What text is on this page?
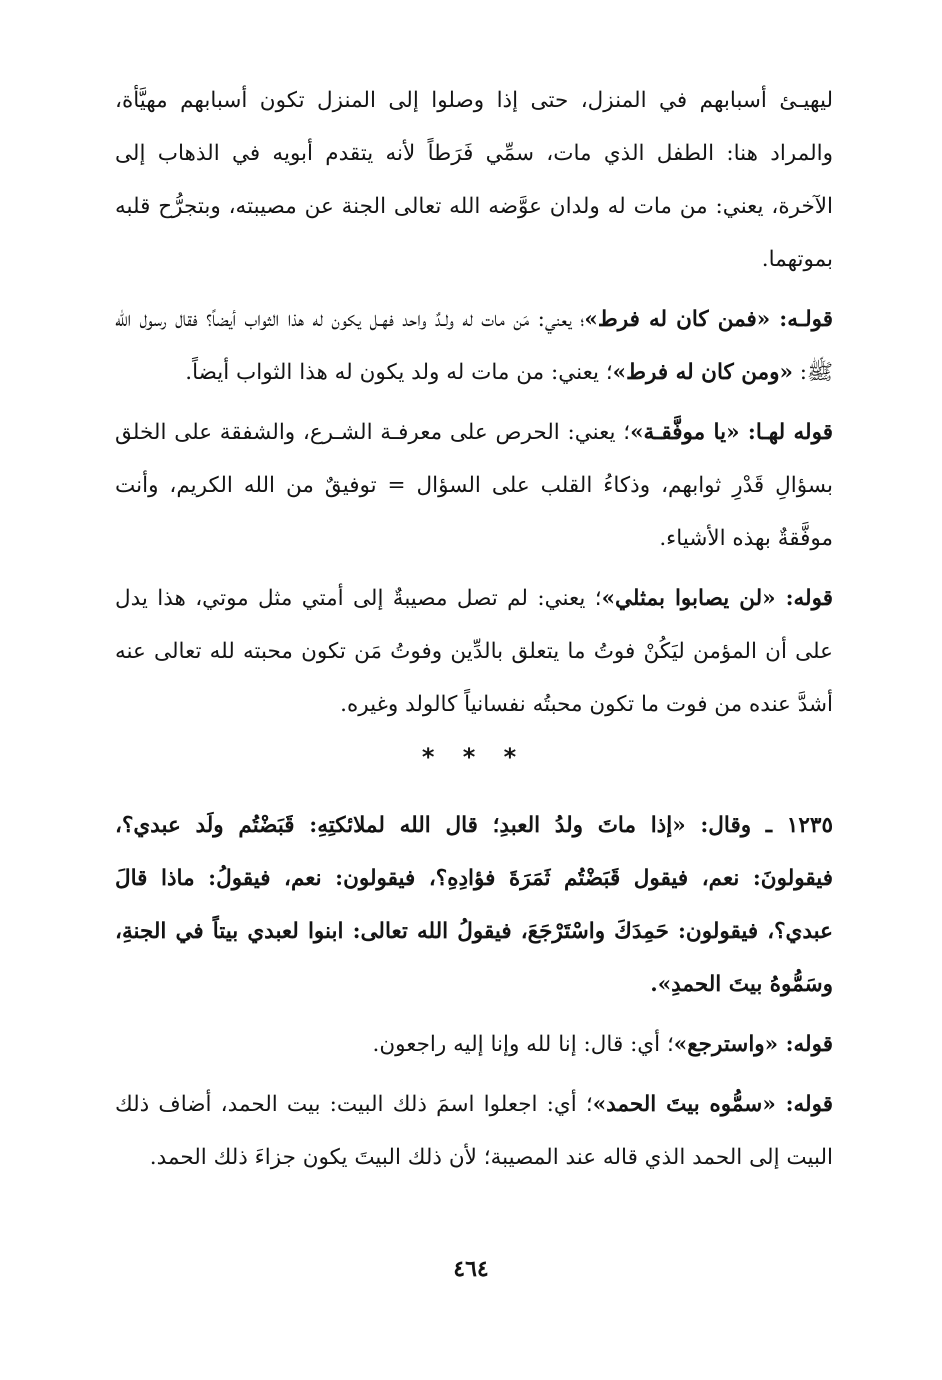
ليهيـئ أسبابهم في المنزل، حتى إذا وصلوا إلى المنزل تكون أسبابهم مهيَّأة، والمراد هنا: الطفل الذي مات، سمِّي فَرَطاً لأنه يتقدم أبويه في الذهاب إلى الآخرة، يعني: من مات له ولدان عوَّضه الله تعالى الجنة عن مصيبته، وبتجرُّح قلبه بموتهما.

قولـه: «فمن كان له فرط»؛ يعني: مَن مات له ولـدٌ واحد فهـل يكون له هذا الثواب أيضاً؟ فقال رسول الله ﷺ: «ومن كان له فرط»؛ يعني: من مات له ولد يكون له هذا الثواب أيضاً.

قوله لهـا: «يا موفَّقـة»؛ يعني: الحرص على معرفـة الشـرع، والشفقة على الخلق بسؤالِ قَدْرِ ثوابهم، وذكاءُ القلب على السؤال = توفيقٌ من الله الكريم، وأنت موفَّقةٌ بهذه الأشياء.

قوله: «لن يصابوا بمثلي»؛ يعني: لم تصل مصيبةٌ إلى أمتي مثل موتي، هذا يدل على أن المؤمن ليَكُنْ فوتُ ما يتعلق بالدِّين وفوتُ مَن تكون محبته لله تعالى عنه أشدَّ عنده من فوت ما تكون محبتُه نفسانياً كالولد وغيره.

* * *

١٢٣٥ ـ وقال: «إذا ماتَ ولدُ العبدِ؛ قال الله لملائكتِهِ: قَبَضْتُم ولَد عبدي؟، فيقولونَ: نعم، فيقول قَبَضْتُم ثَمَرَةَ فؤادِهِ؟، فيقولون: نعم، فيقولُ: ماذا قالَ عبدي؟، فيقولون: حَمِدَكَ واسْتَرْجَعَ، فيقولُ الله تعالى: ابنوا لعبدي بيتاً في الجنةِ، وسَمُّوهُ بيتَ الحمدِ».

قوله: «واسترجع»؛ أي: قال: إنا لله وإنا إليه راجعون.

قوله: «سمُّوه بيتَ الحمد»؛ أي: اجعلوا اسمَ ذلك البيت: بيت الحمد، أضاف ذلك البيت إلى الحمد الذي قاله عند المصيبة؛ لأن ذلك البيتَ يكون جزاءَ ذلك الحمد.

٤٦٤
